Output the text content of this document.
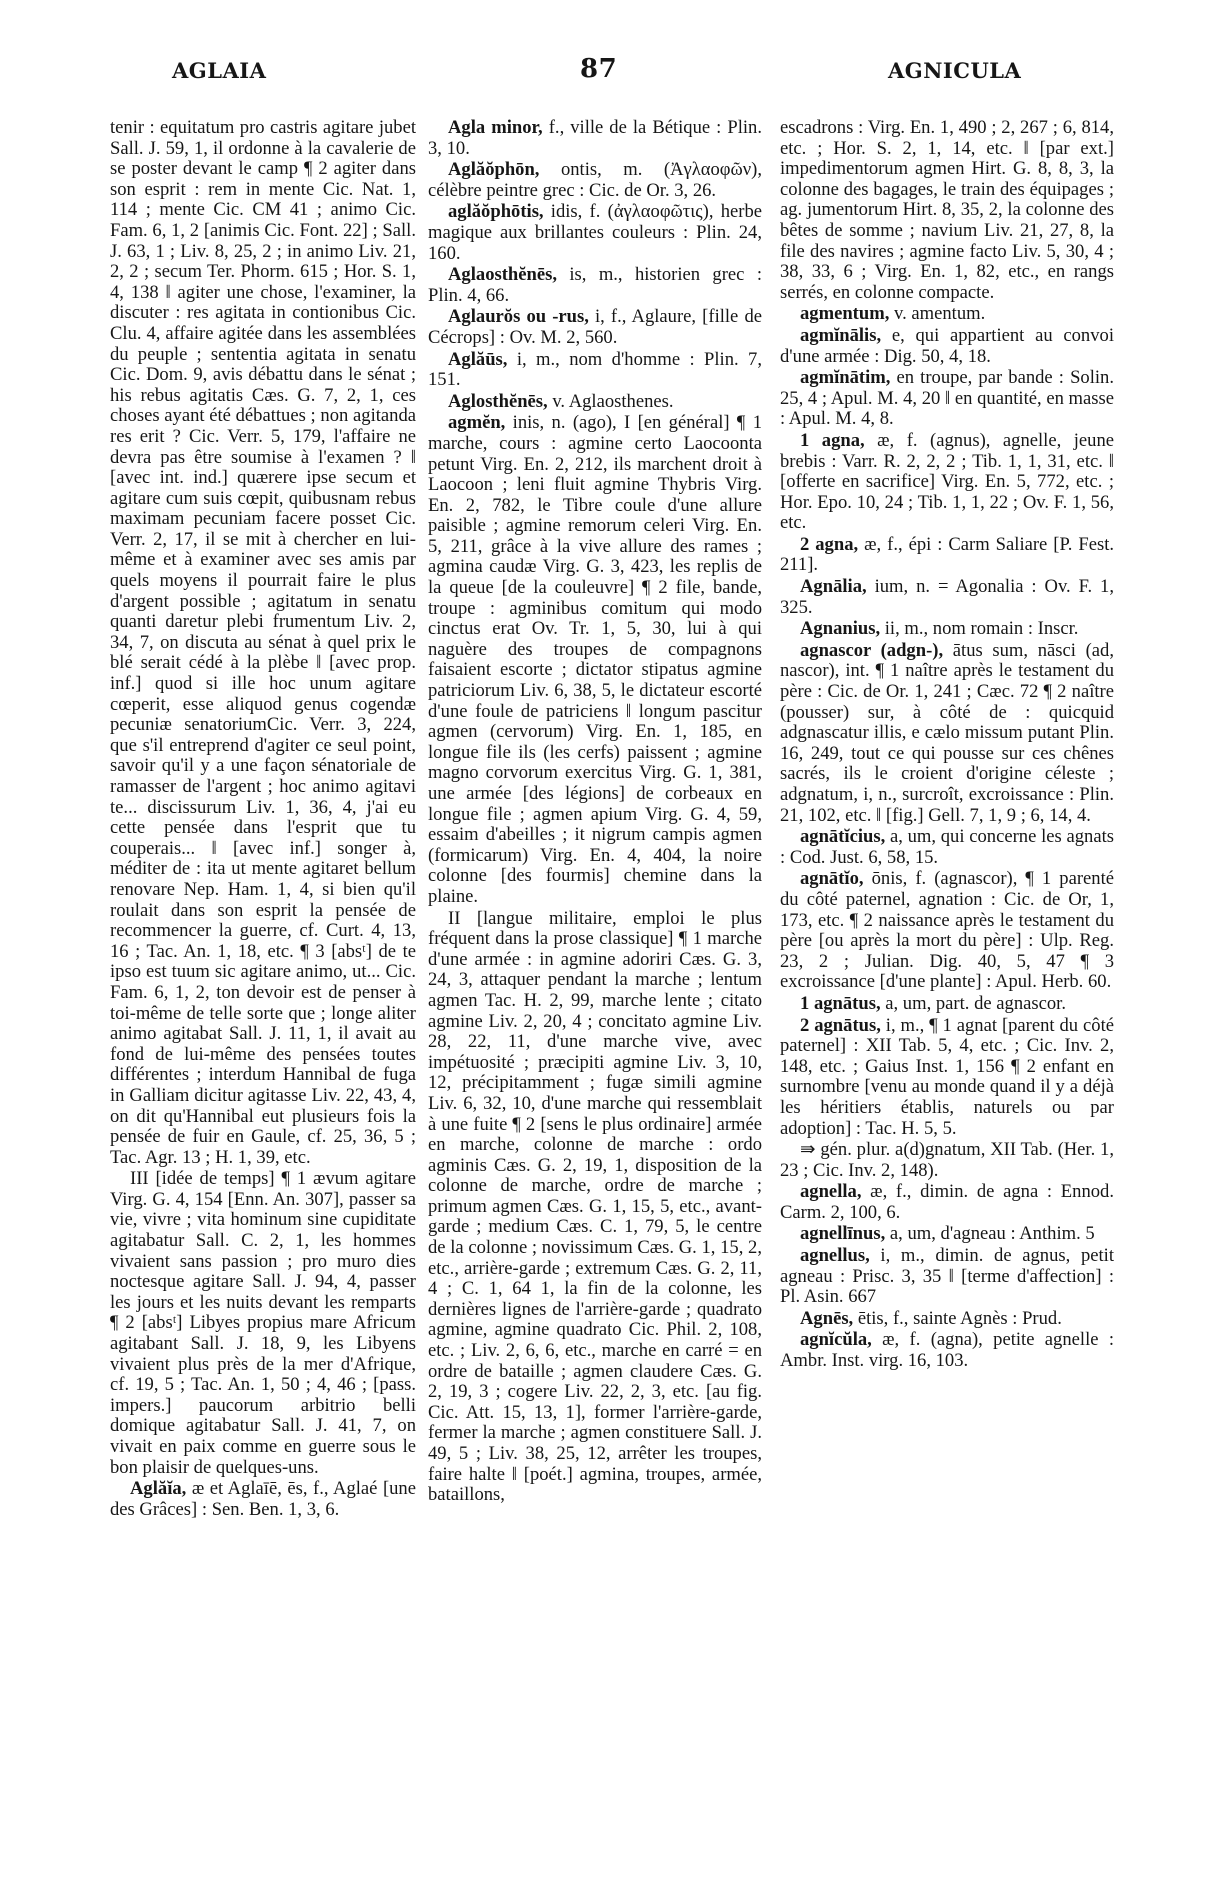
AGLAIA	87	AGNICULA

tenir : equitatum pro castris agitare jubet Sall. J. 59, 1, il ordonne à la cavalerie de se poster devant le camp ¶ 2 agiter dans son esprit : rem in mente Cic. Nat. 1, 114 ; mente Cic. CM 41 ; animo Cic. Fam. 6, 1, 2 [animis Cic. Font. 22] ; Sall. J. 63, 1 ; Liv. 8, 25, 2 ; in animo Liv. 21, 2, 2 ; secum Ter. Phorm. 615 ; Hor. S. 1, 4, 138 ‖ agiter une chose, l'examiner, la discuter : res agitata in contionibus Cic. Clu. 4, affaire agitée dans les assemblées du peuple ; sententia agitata in senatu Cic. Dom. 9, avis débattu dans le sénat ; his rebus agitatis Cæs. G. 7, 2, 1, ces choses ayant été débattues ; non agitanda res erit ? Cic. Verr. 5, 179, l'affaire ne devra pas être soumise à l'examen ? ‖ [avec int. ind.] quærere ipse secum et agitare cum suis cœpit, quibusnam rebus maximam pecuniam facere posset Cic. Verr. 2, 17, il se mit à chercher en lui-même et à examiner avec ses amis par quels moyens il pourrait faire le plus d'argent possible ; agitatum in senatu quanti daretur plebi frumentum Liv. 2, 34, 7, on discuta au sénat à quel prix le blé serait cédé à la plèbe ‖ [avec prop. inf.] quod si ille hoc unum agitare cœperit, esse aliquod genus cogendæ pecuniæ senatoriumCic. Verr. 3, 224, que s'il entreprend d'agiter ce seul point, savoir qu'il y a une façon sénatoriale de ramasser de l'argent ; hoc animo agitavi te... discissurum Liv. 1, 36, 4, j'ai eu cette pensée dans l'esprit que tu couperais... ‖ [avec inf.] songer à, méditer de : ita ut mente agitaret bellum renovare Nep. Ham. 1, 4, si bien qu'il roulait dans son esprit la pensée de recommencer la guerre, cf. Curt. 4, 13, 16 ; Tac. An. 1, 18, etc. ¶ 3 [absᵗ] de te ipso est tuum sic agitare animo, ut... Cic. Fam. 6, 1, 2, ton devoir est de penser à toi-même de telle sorte que ; longe aliter animo agitabat Sall. J. 11, 1, il avait au fond de lui-même des pensées toutes différentes ; interdum Hannibal de fuga in Galliam dicitur agitasse Liv. 22, 43, 4, on dit qu'Hannibal eut plusieurs fois la pensée de fuir en Gaule, cf. 25, 36, 5 ; Tac. Agr. 13 ; H. 1, 39, etc.

III [idée de temps] ¶ 1 ævum agitare Virg. G. 4, 154 [Enn. An. 307], passer sa vie, vivre ; vita hominum sine cupiditate agitabatur Sall. C. 2, 1, les hommes vivaient sans passion ; pro muro dies noctesque agitare Sall. J. 94, 4, passer les jours et les nuits devant les remparts ¶ 2 [absᵗ] Libyes propius mare Africum agitabant Sall. J. 18, 9, les Libyens vivaient plus près de la mer d'Afrique, cf. 19, 5 ; Tac. An. 1, 50 ; 4, 46 ; [pass. impers.] paucorum arbitrio belli domique agitabatur Sall. J. 41, 7, on vivait en paix comme en guerre sous le bon plaisir de quelques-uns.

Aglăĭa, æ et Aglaīē, ēs, f., Aglaé [une des Grâces] : Sen. Ben. 1, 3, 6.

Agla minor, f., ville de la Bétique : Plin. 3, 10.

Aglăŏphōn, ontis, m. (Ἀγλαοφῶν), célèbre peintre grec : Cic. de Or. 3, 26.

aglăŏphōtis, idis, f. (ἀγλαοφῶτις), herbe magique aux brillantes couleurs : Plin. 24, 160.

Aglaosthĕnēs, is, m., historien grec : Plin. 4, 66.

Aglaurŏs ou -rus, i, f., Aglaure, [fille de Cécrops] : Ov. M. 2, 560.

Aglăūs, i, m., nom d'homme : Plin. 7, 151.

Aglosthĕnēs, v. Aglaosthenes.

agmĕn, inis, n. (ago), I [en général] ¶ 1 marche, cours : agmine certo Laocoonta petunt Virg. En. 2, 212, ils marchent droit à Laocoon ; leni fluit agmine Thybris Virg. En. 2, 782, le Tibre coule d'une allure paisible ; agmine remorum celeri Virg. En. 5, 211, grâce à la vive allure des rames ; agmina caudæ Virg. G. 3, 423, les replis de la queue [de la couleuvre] ¶ 2 file, bande, troupe : agminibus comitum qui modo cinctus erat Ov. Tr. 1, 5, 30, lui à qui naguère des troupes de compagnons faisaient escorte ; dictator stipatus agmine patriciorum Liv. 6, 38, 5, le dictateur escorté d'une foule de patriciens ‖ longum pascitur agmen (cervorum) Virg. En. 1, 185, en longue file ils (les cerfs) paissent ; agmine magno corvorum exercitus Virg. G. 1, 381, une armée [des légions] de corbeaux en longue file ; agmen apium Virg. G. 4, 59, essaim d'abeilles ; it nigrum campis agmen (formicarum) Virg. En. 4, 404, la noire colonne [des fourmis] chemine dans la plaine.

II [langue militaire, emploi le plus fréquent dans la prose classique] ¶ 1 marche d'une armée : in agmine adoriri Cæs. G. 3, 24, 3, attaquer pendant la marche ; lentum agmen Tac. H. 2, 99, marche lente ; citato agmine Liv. 2, 20, 4 ; concitato agmine Liv. 28, 22, 11, d'une marche vive, avec impétuosité ; præcipiti agmine Liv. 3, 10, 12, précipitamment ; fugæ simili agmine Liv. 6, 32, 10, d'une marche qui ressemblait à une fuite ¶ 2 [sens le plus ordinaire] armée en marche, colonne de marche : ordo agminis Cæs. G. 2, 19, 1, disposition de la colonne de marche, ordre de marche ; primum agmen Cæs. G. 1, 15, 5, etc., avant-garde ; medium Cæs. C. 1, 79, 5, le centre de la colonne ; novissimum Cæs. G. 1, 15, 2, etc., arrière-garde ; extremum Cæs. G. 2, 11, 4 ; C. 1, 64 1, la fin de la colonne, les dernières lignes de l'arrière-garde ; quadrato agmine, agmine quadrato Cic. Phil. 2, 108, etc. ; Liv. 2, 6, 6, etc., marche en carré = en ordre de bataille ; agmen claudere Cæs. G. 2, 19, 3 ; cogere Liv. 22, 2, 3, etc. [au fig. Cic. Att. 15, 13, 1], former l'arrière-garde, fermer la marche ; agmen constituere Sall. J. 49, 5 ; Liv. 38, 25, 12, arrêter les troupes, faire halte ‖ [poét.] agmina, troupes, armée, bataillons,

escadrons : Virg. En. 1, 490 ; 2, 267 ; 6, 814, etc. ; Hor. S. 2, 1, 14, etc. ‖ [par ext.] impedimentorum agmen Hirt. G. 8, 8, 3, la colonne des bagages, le train des équipages ; ag. jumentorum Hirt. 8, 35, 2, la colonne des bêtes de somme ; navium Liv. 21, 27, 8, la file des navires ; agmine facto Liv. 5, 30, 4 ; 38, 33, 6 ; Virg. En. 1, 82, etc., en rangs serrés, en colonne compacte.

agmentum, v. amentum.

agmĭnālis, e, qui appartient au convoi d'une armée : Dig. 50, 4, 18.

agmĭnātim, en troupe, par bande : Solin. 25, 4 ; Apul. M. 4, 20 ‖ en quantité, en masse : Apul. M. 4, 8.

1 agna, æ, f. (agnus), agnelle, jeune brebis : Varr. R. 2, 2, 2 ; Tib. 1, 1, 31, etc. ‖ [offerte en sacrifice] Virg. En. 5, 772, etc. ; Hor. Epo. 10, 24 ; Tib. 1, 1, 22 ; Ov. F. 1, 56, etc.

2 agna, æ, f., épi : Carm Saliare [P. Fest. 211].

Agnālia, ium, n. = Agonalia : Ov. F. 1, 325.

Agnanius, ii, m., nom romain : Inscr.

agnascor (adgn-), ātus sum, nāsci (ad, nascor), int. ¶ 1 naître après le testament du père : Cic. de Or. 1, 241 ; Cæc. 72 ¶ 2 naître (pousser) sur, à côté de : quicquid adgnascatur illis, e cælo missum putant Plin. 16, 249, tout ce qui pousse sur ces chênes sacrés, ils le croient d'origine céleste ; adgnatum, i, n., surcroît, excroissance : Plin. 21, 102, etc. ‖ [fig.] Gell. 7, 1, 9 ; 6, 14, 4.

agnātĭcius, a, um, qui concerne les agnats : Cod. Just. 6, 58, 15.

agnātĭo, ōnis, f. (agnascor), ¶ 1 parenté du côté paternel, agnation : Cic. de Or, 1, 173, etc. ¶ 2 naissance après le testament du père [ou après la mort du père] : Ulp. Reg. 23, 2 ; Julian. Dig. 40, 5, 47 ¶ 3 excroissance [d'une plante] : Apul. Herb. 60.

1 agnātus, a, um, part. de agnascor.

2 agnātus, i, m., ¶ 1 agnat [parent du côté paternel] : XII Tab. 5, 4, etc. ; Cic. Inv. 2, 148, etc. ; Gaius Inst. 1, 156 ¶ 2 enfant en surnombre [venu au monde quand il y a déjà les héritiers établis, naturels ou par adoption] : Tac. H. 5, 5.

⇛ gén. plur. a(d)gnatum, XII Tab. (Her. 1, 23 ; Cic. Inv. 2, 148).

agnella, æ, f., dimin. de agna : Ennod. Carm. 2, 100, 6.

agnellīnus, a, um, d'agneau : Anthim. 5

agnellus, i, m., dimin. de agnus, petit agneau : Prisc. 3, 35 ‖ [terme d'affection] : Pl. Asin. 667

Agnēs, ētis, f., sainte Agnès : Prud.

agnĭcŭla, æ, f. (agna), petite agnelle : Ambr. Inst. virg. 16, 103.
